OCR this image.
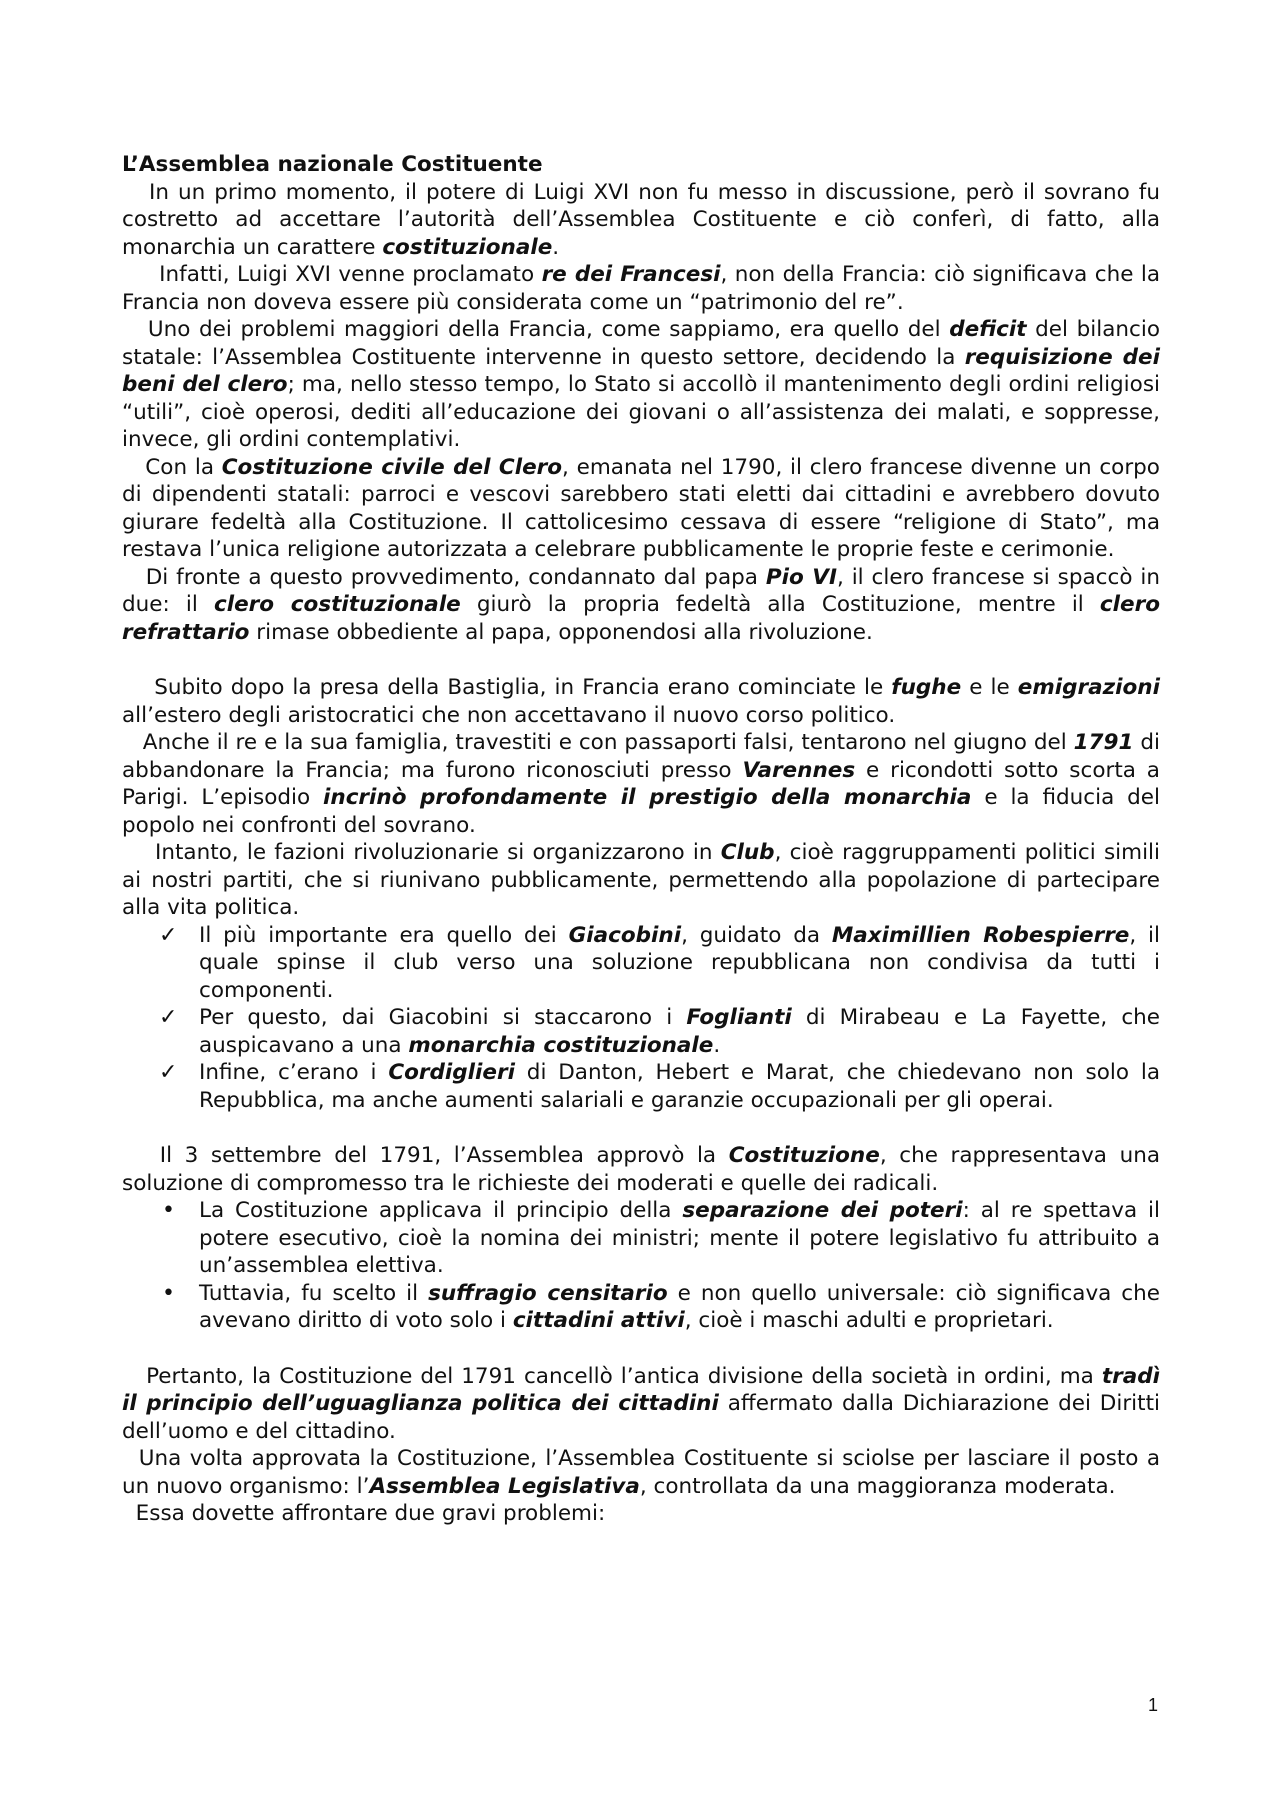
L’Assemblea nazionale Costituente

In un primo momento, il potere di Luigi XVI non fu messo in discussione, però il sovrano fu costretto ad accettare l’autorità dell’Assemblea Costituente e ciò conferì, di fatto, alla monarchia un carattere costituzionale.

Infatti, Luigi XVI venne proclamato re dei Francesi, non della Francia: ciò significava che la Francia non doveva essere più considerata come un “patrimonio del re”.

Uno dei problemi maggiori della Francia, come sappiamo, era quello del deficit del bilancio statale: l’Assemblea Costituente intervenne in questo settore, decidendo la requisizione dei beni del clero; ma, nello stesso tempo, lo Stato si accollò il mantenimento degli ordini religiosi “utili”, cioè operosi, dediti all’educazione dei giovani o all’assistenza dei malati, e soppresse, invece, gli ordini contemplativi.

Con la Costituzione civile del Clero, emanata nel 1790, il clero francese divenne un corpo di dipendenti statali: parroci e vescovi sarebbero stati eletti dai cittadini e avrebbero dovuto giurare fedeltà alla Costituzione. Il cattolicesimo cessava di essere “religione di Stato”, ma restava l’unica religione autorizzata a celebrare pubblicamente le proprie feste e cerimonie.

Di fronte a questo provvedimento, condannato dal papa Pio VI, il clero francese si spaccò in due: il clero costituzionale giurò la propria fedeltà alla Costituzione, mentre il clero refrattario rimase obbediente al papa, opponendosi alla rivoluzione.

Subito dopo la presa della Bastiglia, in Francia erano cominciate le fughe e le emigrazioni all’estero degli aristocratici che non accettavano il nuovo corso politico.

Anche il re e la sua famiglia, travestiti e con passaporti falsi, tentarono nel giugno del 1791 di abbandonare la Francia; ma furono riconosciuti presso Varennes e ricondotti sotto scorta a Parigi. L’episodio incrinò profondamente il prestigio della monarchia e la fiducia del popolo nei confronti del sovrano.

Intanto, le fazioni rivoluzionarie si organizzarono in Club, cioè raggruppamenti politici simili ai nostri partiti, che si riunivano pubblicamente, permettendo alla popolazione di partecipare alla vita politica.

✓ Il più importante era quello dei Giacobini, guidato da Maximillien Robespierre, il quale spinse il club verso una soluzione repubblicana non condivisa da tutti i componenti.
✓ Per questo, dai Giacobini si staccarono i Foglianti di Mirabeau e La Fayette, che auspicavano a una monarchia costituzionale.
✓ Infine, c’erano i Cordiglieri di Danton, Hebert e Marat, che chiedevano non solo la Repubblica, ma anche aumenti salariali e garanzie occupazionali per gli operai.

Il 3 settembre del 1791, l’Assemblea approvò la Costituzione, che rappresentava una soluzione di compromesso tra le richieste dei moderati e quelle dei radicali.

• La Costituzione applicava il principio della separazione dei poteri: al re spettava il potere esecutivo, cioè la nomina dei ministri; mente il potere legislativo fu attribuito a un’assemblea elettiva.
• Tuttavia, fu scelto il suffragio censitario e non quello universale: ciò significava che avevano diritto di voto solo i cittadini attivi, cioè i maschi adulti e proprietari.

Pertanto, la Costituzione del 1791 cancellò l’antica divisione della società in ordini, ma tradì il principio dell’uguaglianza politica dei cittadini affermato dalla Dichiarazione dei Diritti dell’uomo e del cittadino.

Una volta approvata la Costituzione, l’Assemblea Costituente si sciolse per lasciare il posto a un nuovo organismo: l’Assemblea Legislativa, controllata da una maggioranza moderata.

Essa dovette affrontare due gravi problemi:

1
